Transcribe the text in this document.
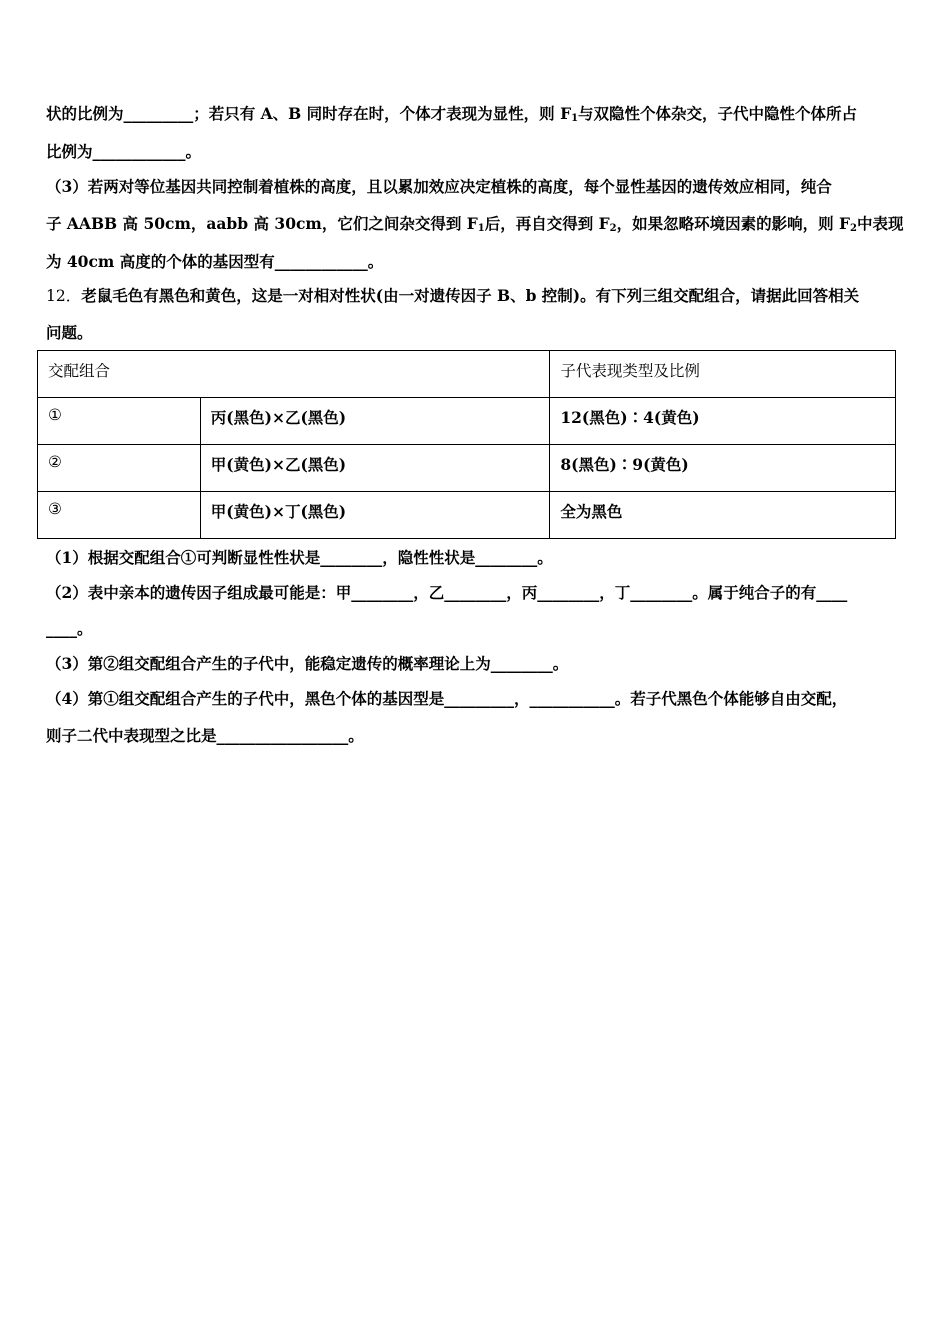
状的比例为_________；若只有 A、B 同时存在时，个体才表现为显性，则 $F_1$与双隐性个体杂交，子代中隐性个体所占
比例为____________。
（3）若两对等位基因共同控制着植株的高度，且以累加效应决定植株的高度，每个显性基因的遗传效应相同，纯合
子 AABB 高 50cm，aabb 高 30cm，它们之间杂交得到 $F_1$后，再自交得到 $F_2$，如果忽略环境因素的影响，则 $F_2$中表现
为 40cm 高度的个体的基因型有____________。
12．老鼠毛色有黑色和黄色，这是一对相对性状(由一对遗传因子 B、b 控制)。有下列三组交配组合，请据此回答相关
问题。
交配组合		子代表现类型及比例
①	丙(黑色)×乙(黑色)	12(黑色)∶4(黄色)
②	甲(黄色)×乙(黑色)	8(黑色)∶9(黄色)
③	甲(黄色)×丁(黑色)	全为黑色
（1）根据交配组合①可判断显性性状是________，隐性性状是________。
（2）表中亲本的遗传因子组成最可能是：甲________，乙________，丙________，丁________。属于纯合子的有____
____。
（3）第②组交配组合产生的子代中，能稳定遗传的概率理论上为________。
（4）第①组交配组合产生的子代中，黑色个体的基因型是_________，___________。若子代黑色个体能够自由交配，
则子二代中表现型之比是_________________。
